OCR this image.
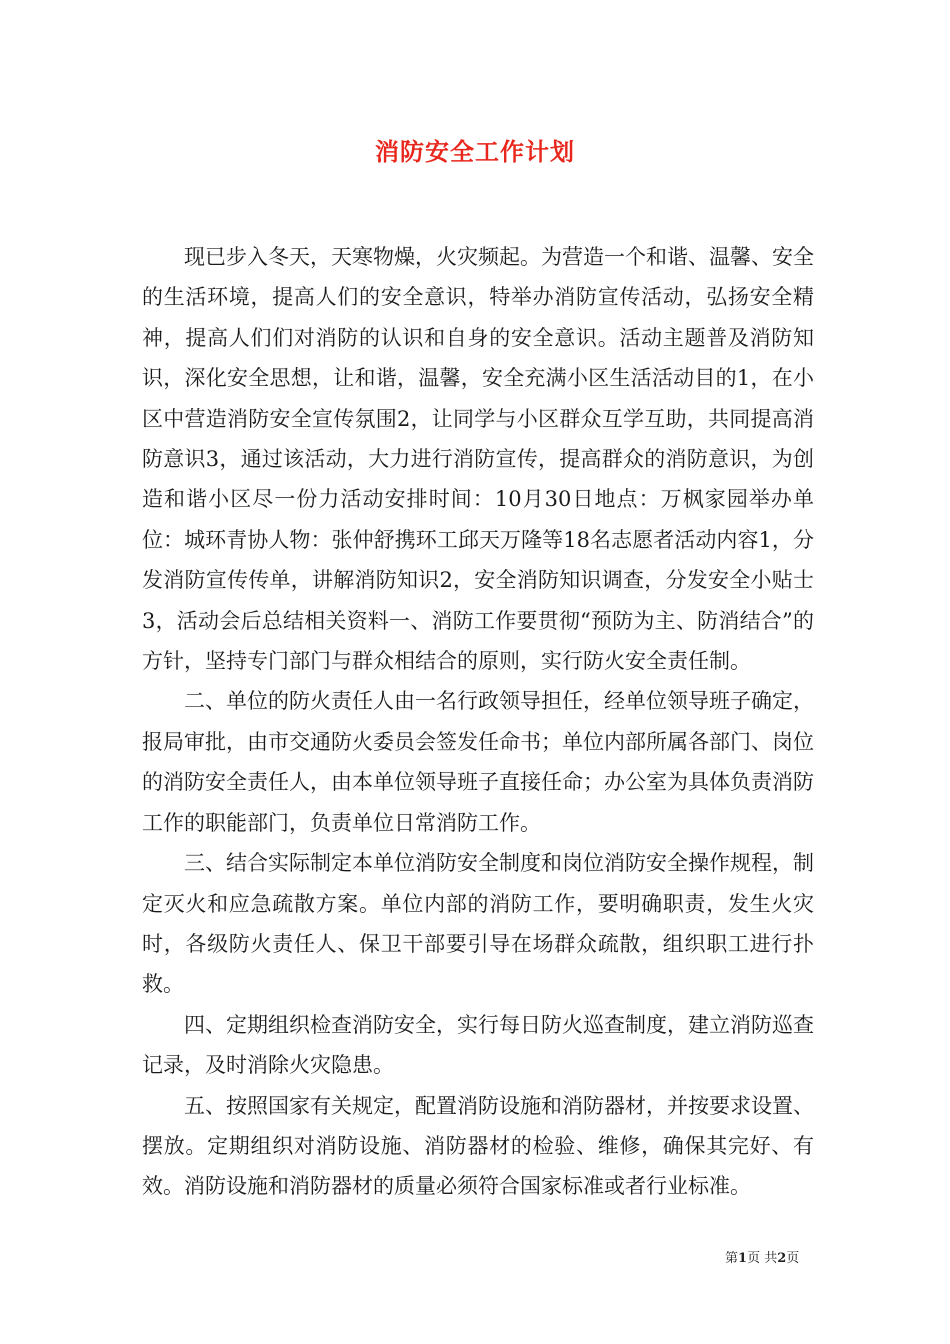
消防安全工作计划

现已步入冬天，天寒物燥，火灾频起。为营造一个和谐、温馨、安全的生活环境，提高人们的安全意识，特举办消防宣传活动，弘扬安全精神，提高人们们对消防的认识和自身的安全意识。活动主题普及消防知识，深化安全思想，让和谐，温馨，安全充满小区生活活动目的1，在小区中营造消防安全宣传氛围2，让同学与小区群众互学互助，共同提高消防意识3，通过该活动，大力进行消防宣传，提高群众的消防意识，为创造和谐小区尽一份力活动安排时间：10月30日地点：万枫家园举办单位：城环青协人物：张仲舒携环工邱天万隆等18名志愿者活动内容1，分发消防宣传传单，讲解消防知识2，安全消防知识调查，分发安全小贴士3，活动会后总结相关资料一、消防工作要贯彻“预防为主、防消结合”的方针，坚持专门部门与群众相结合的原则，实行防火安全责任制。

二、单位的防火责任人由一名行政领导担任，经单位领导班子确定，报局审批，由市交通防火委员会签发任命书；单位内部所属各部门、岗位的消防安全责任人，由本单位领导班子直接任命；办公室为具体负责消防工作的职能部门，负责单位日常消防工作。

三、结合实际制定本单位消防安全制度和岗位消防安全操作规程，制定灭火和应急疏散方案。单位内部的消防工作，要明确职责，发生火灾时，各级防火责任人、保卫干部要引导在场群众疏散，组织职工进行扑救。

四、定期组织检查消防安全，实行每日防火巡查制度，建立消防巡查记录，及时消除火灾隐患。

五、按照国家有关规定，配置消防设施和消防器材，并按要求设置、摆放。定期组织对消防设施、消防器材的检验、维修，确保其完好、有效。消防设施和消防器材的质量必须符合国家标准或者行业标准。

第1页 共2页
